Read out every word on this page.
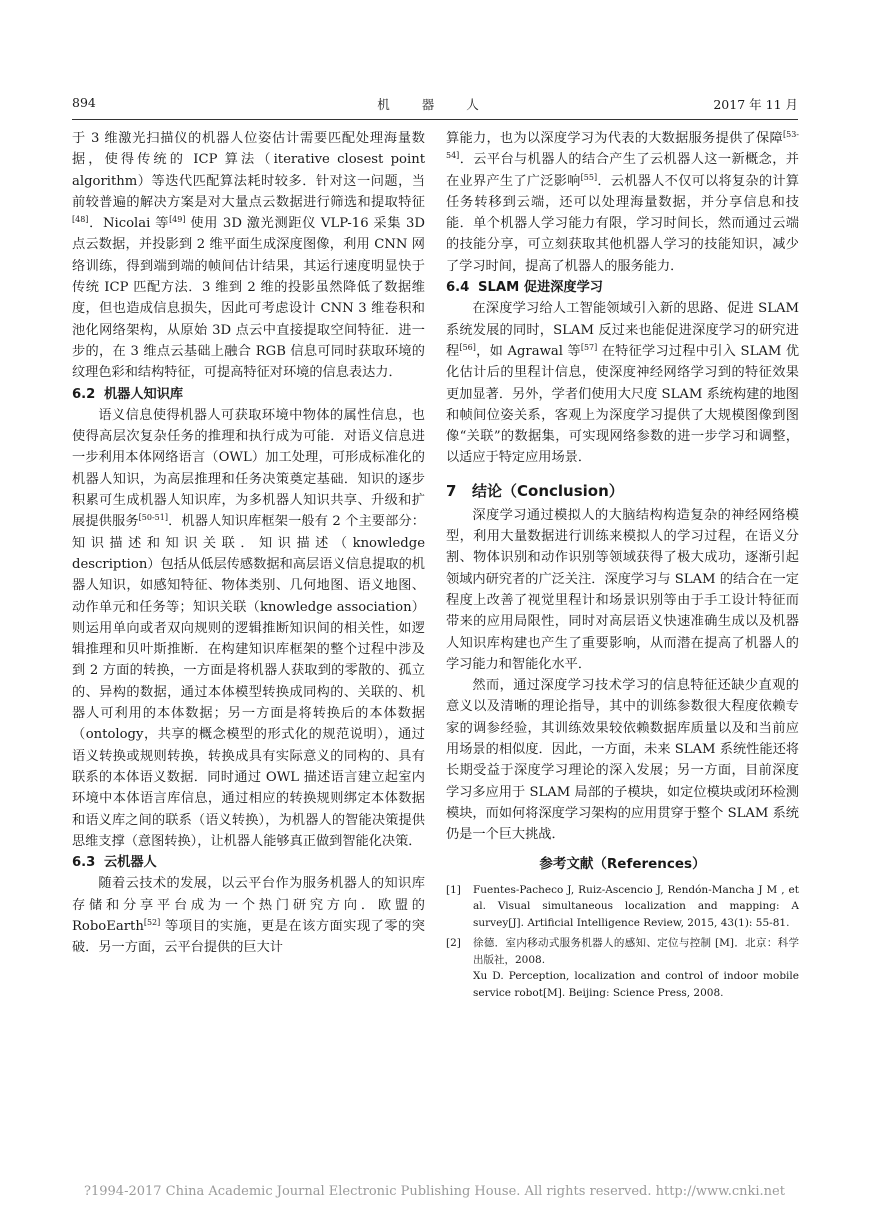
894	机 器 人	2017 年 11 月

于 3 维激光扫描仪的机器人位姿估计需要匹配处理海量数据，使得传统的 ICP 算法（iterative closest point algorithm）等迭代匹配算法耗时较多．针对这一问题，当前较普遍的解决方案是对大量点云数据进行筛选和提取特征[48]．Nicolai 等[49] 使用 3D 激光测距仪 VLP-16 采集 3D 点云数据，并投影到 2 维平面生成深度图像，利用 CNN 网络训练，得到端到端的帧间估计结果，其运行速度明显快于传统 ICP 匹配方法．3 维到 2 维的投影虽然降低了数据维度，但也造成信息损失，因此可考虑设计 CNN 3 维卷积和池化网络架构，从原始 3D 点云中直接提取空间特征．进一步的，在 3 维点云基础上融合 RGB 信息可同时获取环境的纹理色彩和结构特征，可提高特征对环境的信息表达力．

6.2 机器人知识库

语义信息使得机器人可获取环境中物体的属性信息，也使得高层次复杂任务的推理和执行成为可能．对语义信息进一步利用本体网络语言（OWL）加工处理，可形成标准化的机器人知识，为高层推理和任务决策奠定基础．知识的逐步积累可生成机器人知识库，为多机器人知识共享、升级和扩展提供服务[50-51]．机器人知识库框架一般有 2 个主要部分：知识描述和知识关联．知识描述（knowledge description）包括从低层传感数据和高层语义信息提取的机器人知识，如感知特征、物体类别、几何地图、语义地图、动作单元和任务等；知识关联（knowledge association）则运用单向或者双向规则的逻辑推断知识间的相关性，如逻辑推理和贝叶斯推断．在构建知识库框架的整个过程中涉及到 2 方面的转换，一方面是将机器人获取到的零散的、孤立的、异构的数据，通过本体模型转换成同构的、关联的、机器人可利用的本体数据；另一方面是将转换后的本体数据（ontology，共享的概念模型的形式化的规范说明），通过语义转换或规则转换，转换成具有实际意义的同构的、具有联系的本体语义数据．同时通过 OWL 描述语言建立起室内环境中本体语言库信息，通过相应的转换规则绑定本体数据和语义库之间的联系（语义转换），为机器人的智能决策提供思维支撑（意图转换），让机器人能够真正做到智能化决策．

6.3 云机器人

随着云技术的发展，以云平台作为服务机器人的知识库存储和分享平台成为一个热门研究方向．欧盟的 RoboEarth[52] 等项目的实施，更是在该方面实现了零的突破．另一方面，云平台提供的巨大计

算能力，也为以深度学习为代表的大数据服务提供了保障[53-54]．云平台与机器人的结合产生了云机器人这一新概念，并在业界产生了广泛影响[55]．云机器人不仅可以将复杂的计算任务转移到云端，还可以处理海量数据，并分享信息和技能．单个机器人学习能力有限，学习时间长，然而通过云端的技能分享，可立刻获取其他机器人学习的技能知识，减少了学习时间，提高了机器人的服务能力．

6.4 SLAM 促进深度学习

在深度学习给人工智能领域引入新的思路、促进 SLAM 系统发展的同时，SLAM 反过来也能促进深度学习的研究进程[56]，如 Agrawal 等[57] 在特征学习过程中引入 SLAM 优化估计后的里程计信息，使深度神经网络学习到的特征效果更加显著．另外，学者们使用大尺度 SLAM 系统构建的地图和帧间位姿关系，客观上为深度学习提供了大规模图像到图像“关联”的数据集，可实现网络参数的进一步学习和调整，以适应于特定应用场景．

7 结论（Conclusion）

深度学习通过模拟人的大脑结构构造复杂的神经网络模型，利用大量数据进行训练来模拟人的学习过程，在语义分割、物体识别和动作识别等领域获得了极大成功，逐渐引起领域内研究者的广泛关注．深度学习与 SLAM 的结合在一定程度上改善了视觉里程计和场景识别等由于手工设计特征而带来的应用局限性，同时对高层语义快速准确生成以及机器人知识库构建也产生了重要影响，从而潜在提高了机器人的学习能力和智能化水平．

然而，通过深度学习技术学习的信息特征还缺少直观的意义以及清晰的理论指导，其中的训练参数很大程度依赖专家的调参经验，其训练效果较依赖数据库质量以及和当前应用场景的相似度．因此，一方面，未来 SLAM 系统性能还将长期受益于深度学习理论的深入发展；另一方面，目前深度学习多应用于 SLAM 局部的子模块，如定位模块或闭环检测模块，而如何将深度学习架构的应用贯穿于整个 SLAM 系统仍是一个巨大挑战．

参考文献（References）
[1] Fuentes-Pacheco J, Ruiz-Ascencio J, Rendón-Mancha J M , et al. Visual simultaneous localization and mapping: A survey[J]. Artificial Intelligence Review, 2015, 43(1): 55-81.
[2] 徐德．室内移动式服务机器人的感知、定位与控制 [M]．北京：科学出版社，2008.
Xu D. Perception, localization and control of indoor mobile service robot[M]. Beijing: Science Press, 2008.
?1994-2017 China Academic Journal Electronic Publishing House. All rights reserved. http://www.cnki.net
